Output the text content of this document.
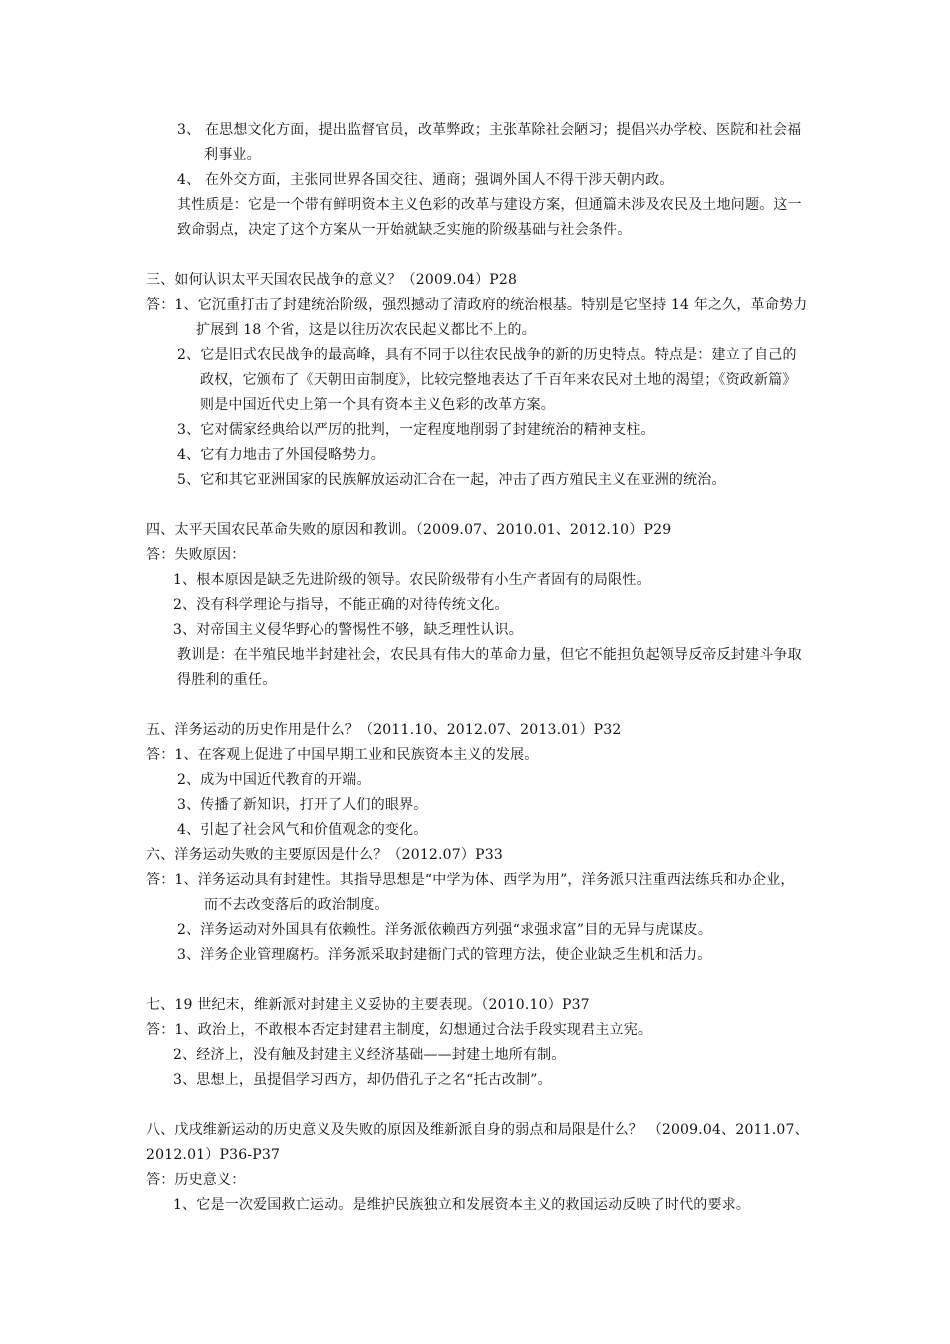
3、 在思想文化方面，提出监督官员，改革弊政；主张革除社会陋习；提倡兴办学校、医院和社会福
利事业。
4、 在外交方面，主张同世界各国交往、通商；强调外国人不得干涉天朝内政。
其性质是：它是一个带有鲜明资本主义色彩的改革与建设方案，但通篇未涉及农民及土地问题。这一
致命弱点，决定了这个方案从一开始就缺乏实施的阶级基础与社会条件。
三、如何认识太平天国农民战争的意义？（2009.04）P28
答：1、它沉重打击了封建统治阶级，强烈撼动了清政府的统治根基。特别是它坚持 14 年之久，革命势力
扩展到 18 个省，这是以往历次农民起义都比不上的。
2、它是旧式农民战争的最高峰，具有不同于以往农民战争的新的历史特点。特点是：建立了自己的
政权，它颁布了《天朝田亩制度》，比较完整地表达了千百年来农民对土地的渴望；《资政新篇》
则是中国近代史上第一个具有资本主义色彩的改革方案。
3、它对儒家经典给以严厉的批判，一定程度地削弱了封建统治的精神支柱。
4、它有力地击了外国侵略势力。
5、它和其它亚洲国家的民族解放运动汇合在一起，冲击了西方殖民主义在亚洲的统治。
四、太平天国农民革命失败的原因和教训。（2009.07、2010.01、2012.10）P29
答：失败原因：
1、根本原因是缺乏先进阶级的领导。农民阶级带有小生产者固有的局限性。
2、没有科学理论与指导，不能正确的对待传统文化。
3、对帝国主义侵华野心的警惕性不够，缺乏理性认识。
教训是：在半殖民地半封建社会，农民具有伟大的革命力量，但它不能担负起领导反帝反封建斗争取
得胜利的重任。
五、洋务运动的历史作用是什么？（2011.10、2012.07、2013.01）P32
答：1、在客观上促进了中国早期工业和民族资本主义的发展。
2、成为中国近代教育的开端。
3、传播了新知识，打开了人们的眼界。
4、引起了社会风气和价值观念的变化。
六、洋务运动失败的主要原因是什么？（2012.07）P33
答：1、洋务运动具有封建性。其指导思想是“中学为体、西学为用”，洋务派只注重西法练兵和办企业，
而不去改变落后的政治制度。
2、洋务运动对外国具有依赖性。洋务派依赖西方列强“求强求富”目的无异与虎谋皮。
3、洋务企业管理腐朽。洋务派采取封建衙门式的管理方法，使企业缺乏生机和活力。
七、19 世纪末，维新派对封建主义妥协的主要表现。（2010.10）P37
答：1、政治上，不敢根本否定封建君主制度，幻想通过合法手段实现君主立宪。
2、经济上，没有触及封建主义经济基础——封建土地所有制。
3、思想上，虽提倡学习西方，却仍借孔子之名“托古改制”。
八、戊戌维新运动的历史意义及失败的原因及维新派自身的弱点和局限是什么？ （2009.04、2011.07、
2012.01）P36-P37
答：历史意义：
1、它是一次爱国救亡运动。是维护民族独立和发展资本主义的救国运动反映了时代的要求。
